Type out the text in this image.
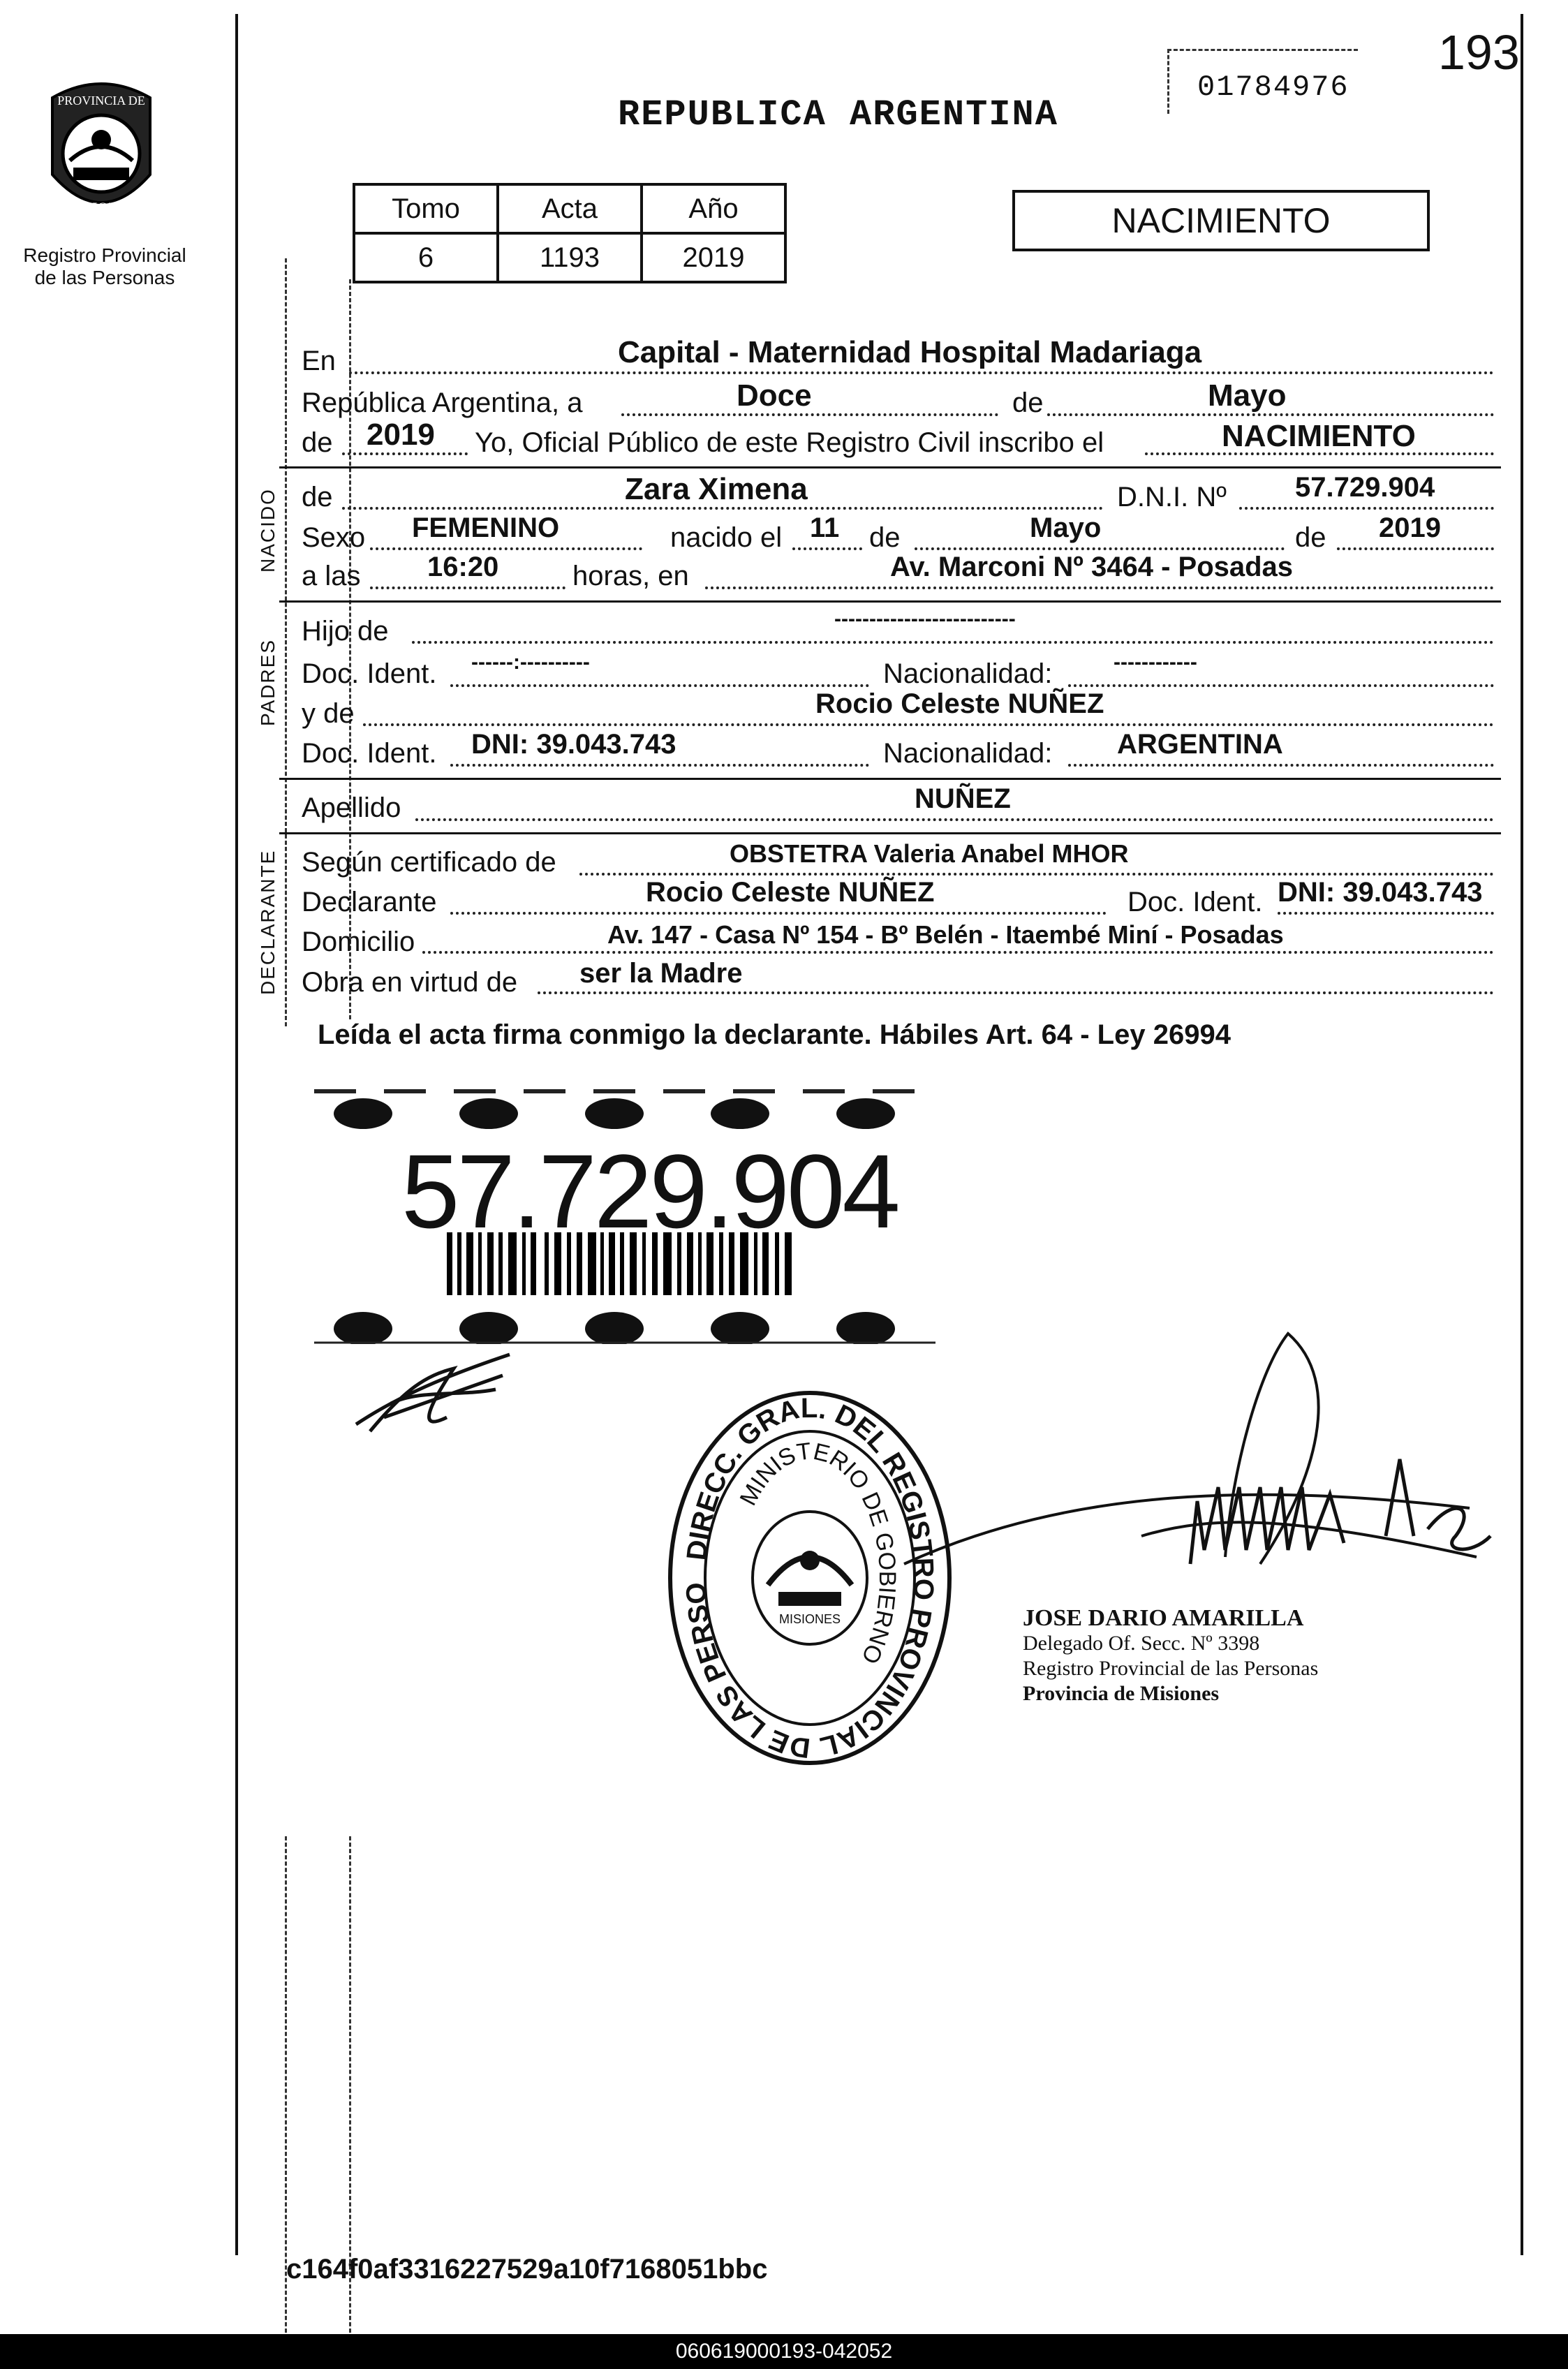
PROVINCIA DE
MISIONES
Registro Provincial
de las Personas
REPUBLICA ARGENTINA
01784976
193
Tomo	Acta	Año
6	1193	2019
NACIMIENTO
En	Capital - Maternidad Hospital Madariaga
República Argentina, a	Doce	de	Mayo
de 2019 Yo, Oficial Público de este Registro Civil inscribo el	NACIMIENTO
NACIDO de	Zara Ximena	D.N.I. Nº 57.729.904
Sexo FEMENINO	nacido el 11 de	Mayo	de 2019
a las 16:20	horas, en	Av. Marconi Nº 3464 - Posadas
PADRES
Hijo de	--------------------------
Doc. Ident. ------:----------	Nacionalidad:	------------
y de	Rocio Celeste NUÑEZ
Doc. Ident. DNI: 39.043.743	Nacionalidad: ARGENTINA
Apellido	NUÑEZ
DECLARANTE Según certificado de	OBSTETRA Valeria Anabel MHOR
Declarante	Rocio Celeste NUÑEZ	Doc. Ident. DNI: 39.043.743
Domicilio	Av. 147 - Casa Nº 154 - Bº Belén - Itaembé Miní - Posadas
Obra en virtud de ser la Madre
Leída el acta firma conmigo la declarante. Hábiles Art. 64 - Ley 26994
57.729.904
DIRECC. GRAL. DEL REGISTRO PROVINCIAL DE LAS PERSO
MINISTERIO DE GOBIERNO
MISIONES	JOSE DARIO AMARILLA
Delegado Of. Secc. Nº 3398
Registro Provincial de las Personas
Provincia de Misiones
c164f0af3316227529a10f7168051bbc
060619000193-042052
